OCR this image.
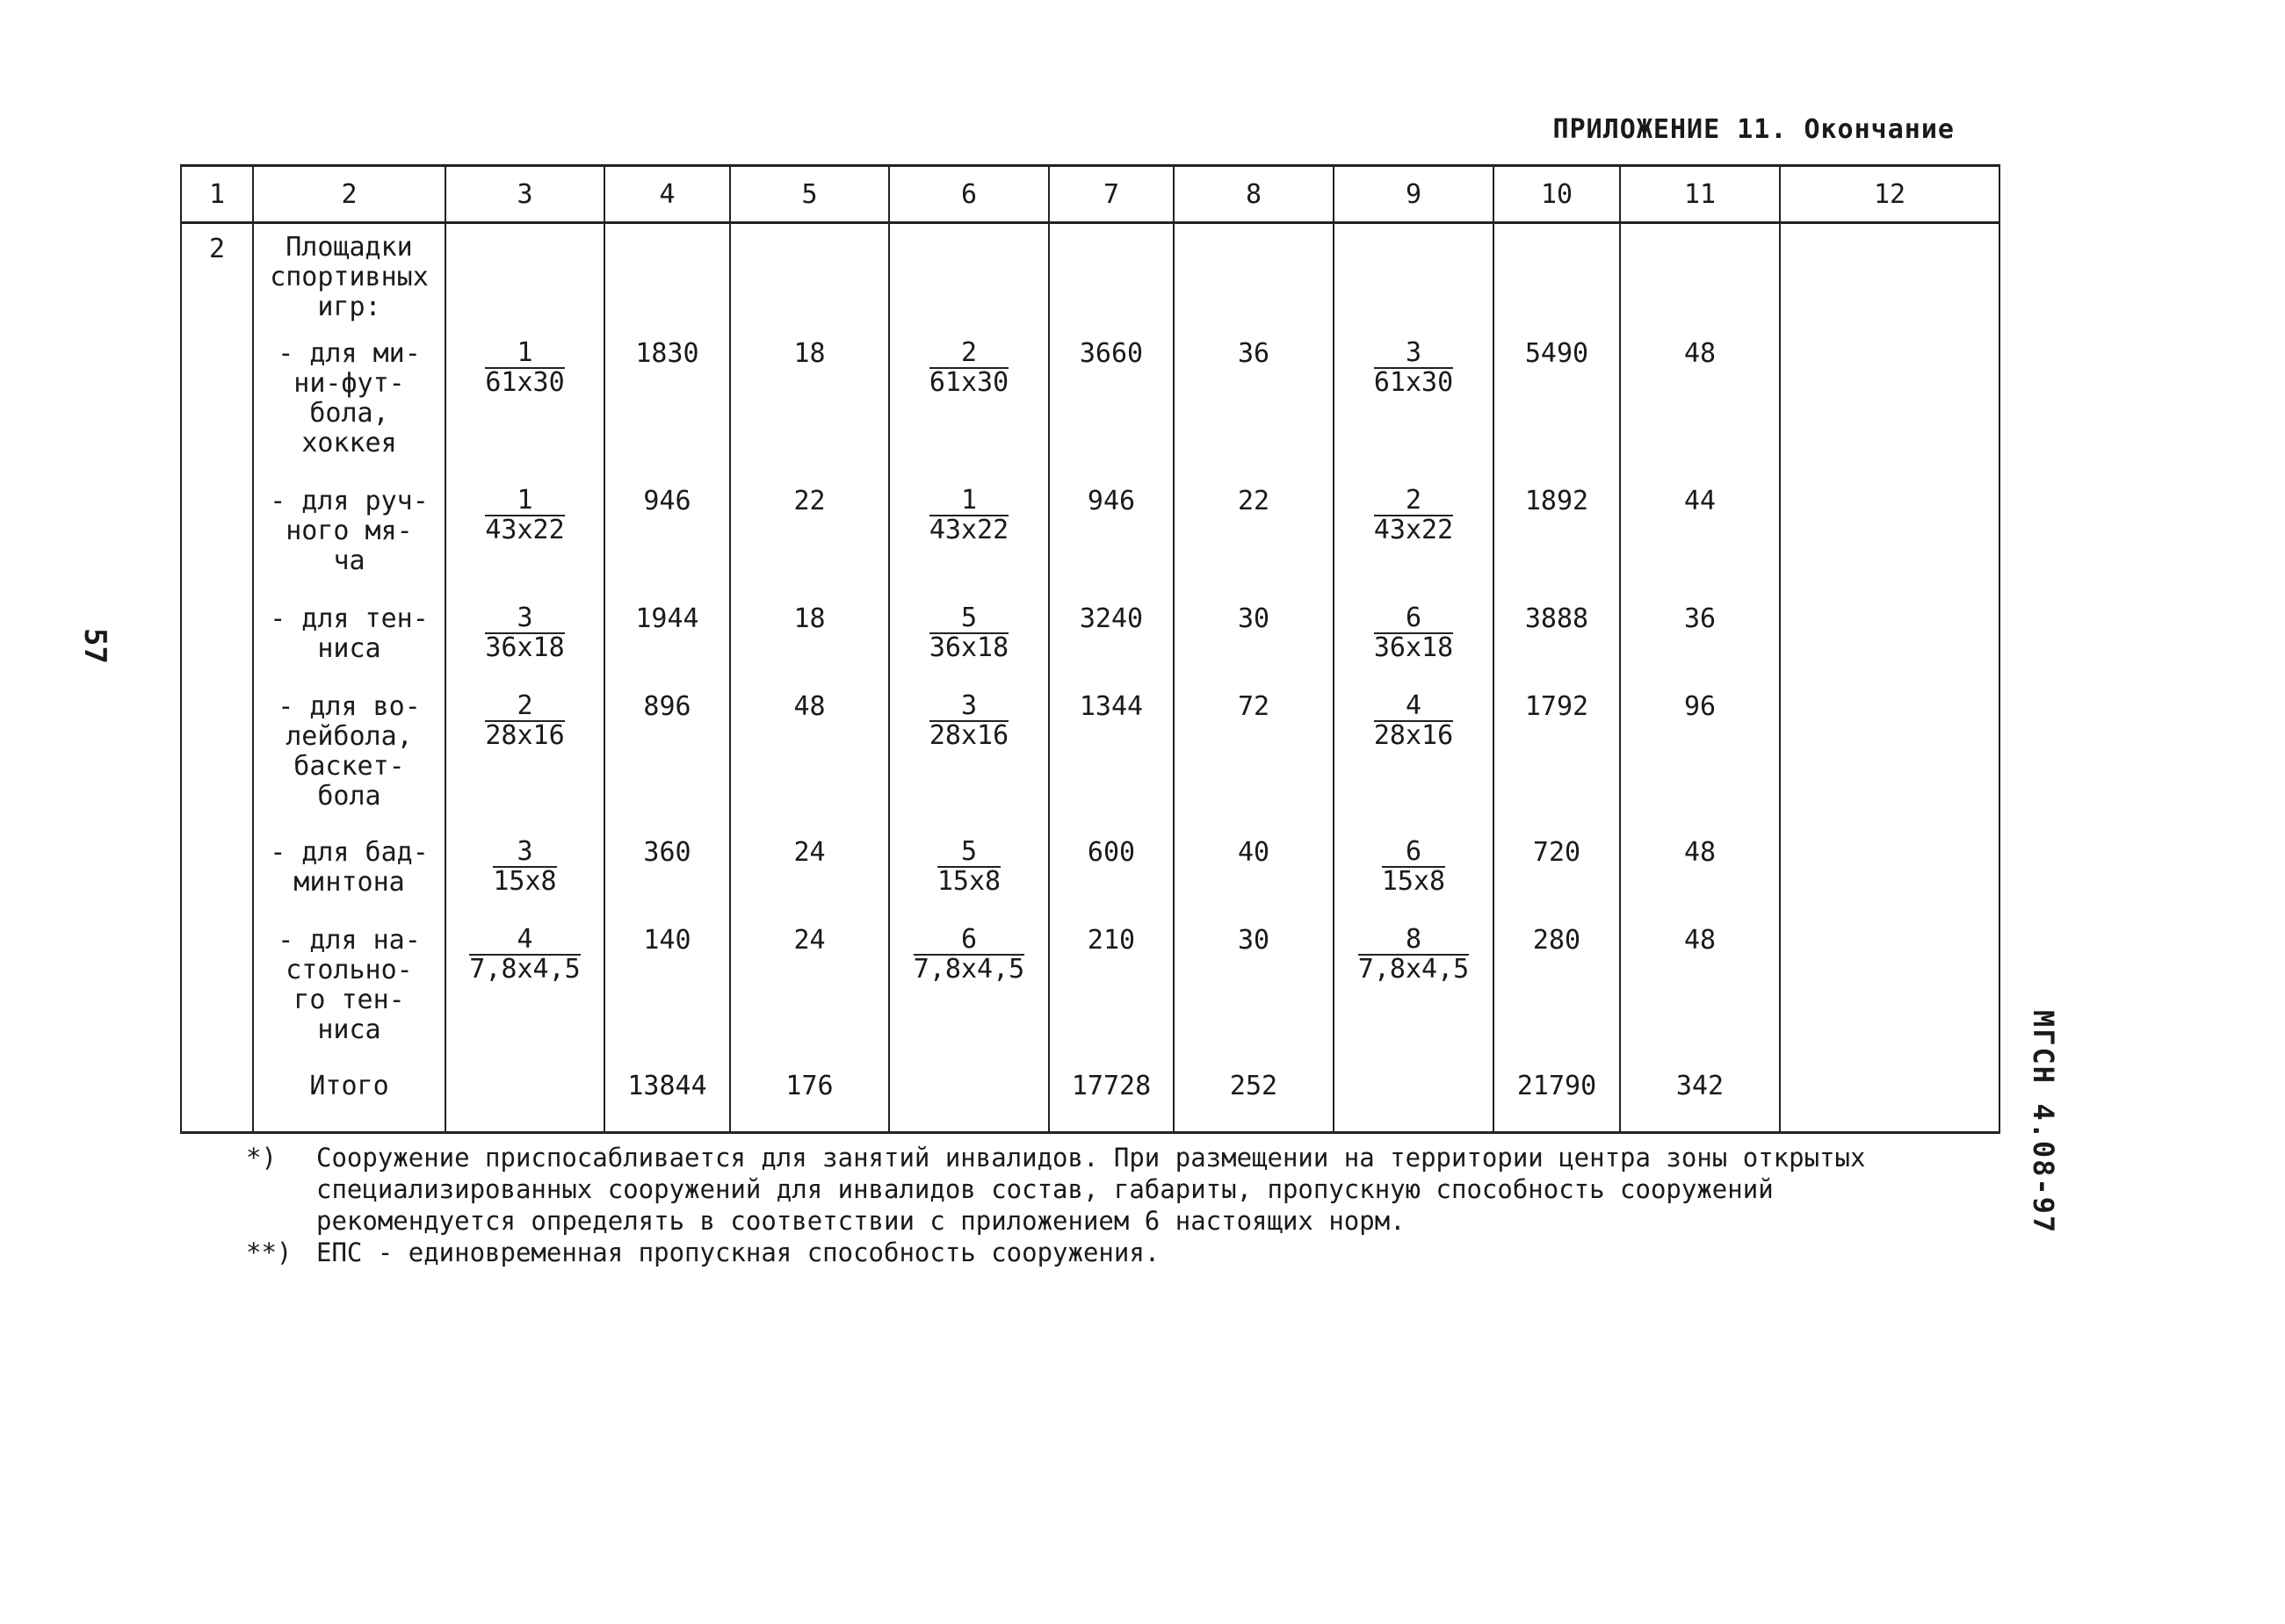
ПРИЛОЖЕНИЕ 11. Окончание
57
МГСН 4.08-97
1	2	3	4	5	6	7	8	9	10	11	12
2	Площадки
спортивных
игр:										
	- для ми-
ни-фут-
бола,
хоккея	$\frac{1}{61x30}$	1830	18	$\frac{2}{61x30}$	3660	36	$\frac{3}{61x30}$	5490	48	
	- для руч-
ного мя-
ча	$\frac{1}{43x22}$	946	22	$\frac{1}{43x22}$	946	22	$\frac{2}{43x22}$	1892	44	
	- для тен-
ниса	$\frac{3}{36x18}$	1944	18	$\frac{5}{36x18}$	3240	30	$\frac{6}{36x18}$	3888	36	
	- для во-
лейбола,
баскет-
бола	$\frac{2}{28x16}$	896	48	$\frac{3}{28x16}$	1344	72	$\frac{4}{28x16}$	1792	96	
	- для бад-
минтона	$\frac{3}{15x8}$	360	24	$\frac{5}{15x8}$	600	40	$\frac{6}{15x8}$	720	48	
	- для на-
стольно-
го тен-
ниса	$\frac{4}{7,8x4,5}$	140	24	$\frac{6}{7,8x4,5}$	210	30	$\frac{8}{7,8x4,5}$	280	48	
	Итого		13844	176		17728	252		21790	342	
*) Сооружение приспосабливается для занятий инвалидов. При размещении на территории центра зоны открытых специализированных сооружений для инвалидов состав, габариты, пропускную способность сооружений рекомендуется определять в соответствии с приложением 6 настоящих норм.
**) ЕПС - единовременная пропускная способность сооружения.
